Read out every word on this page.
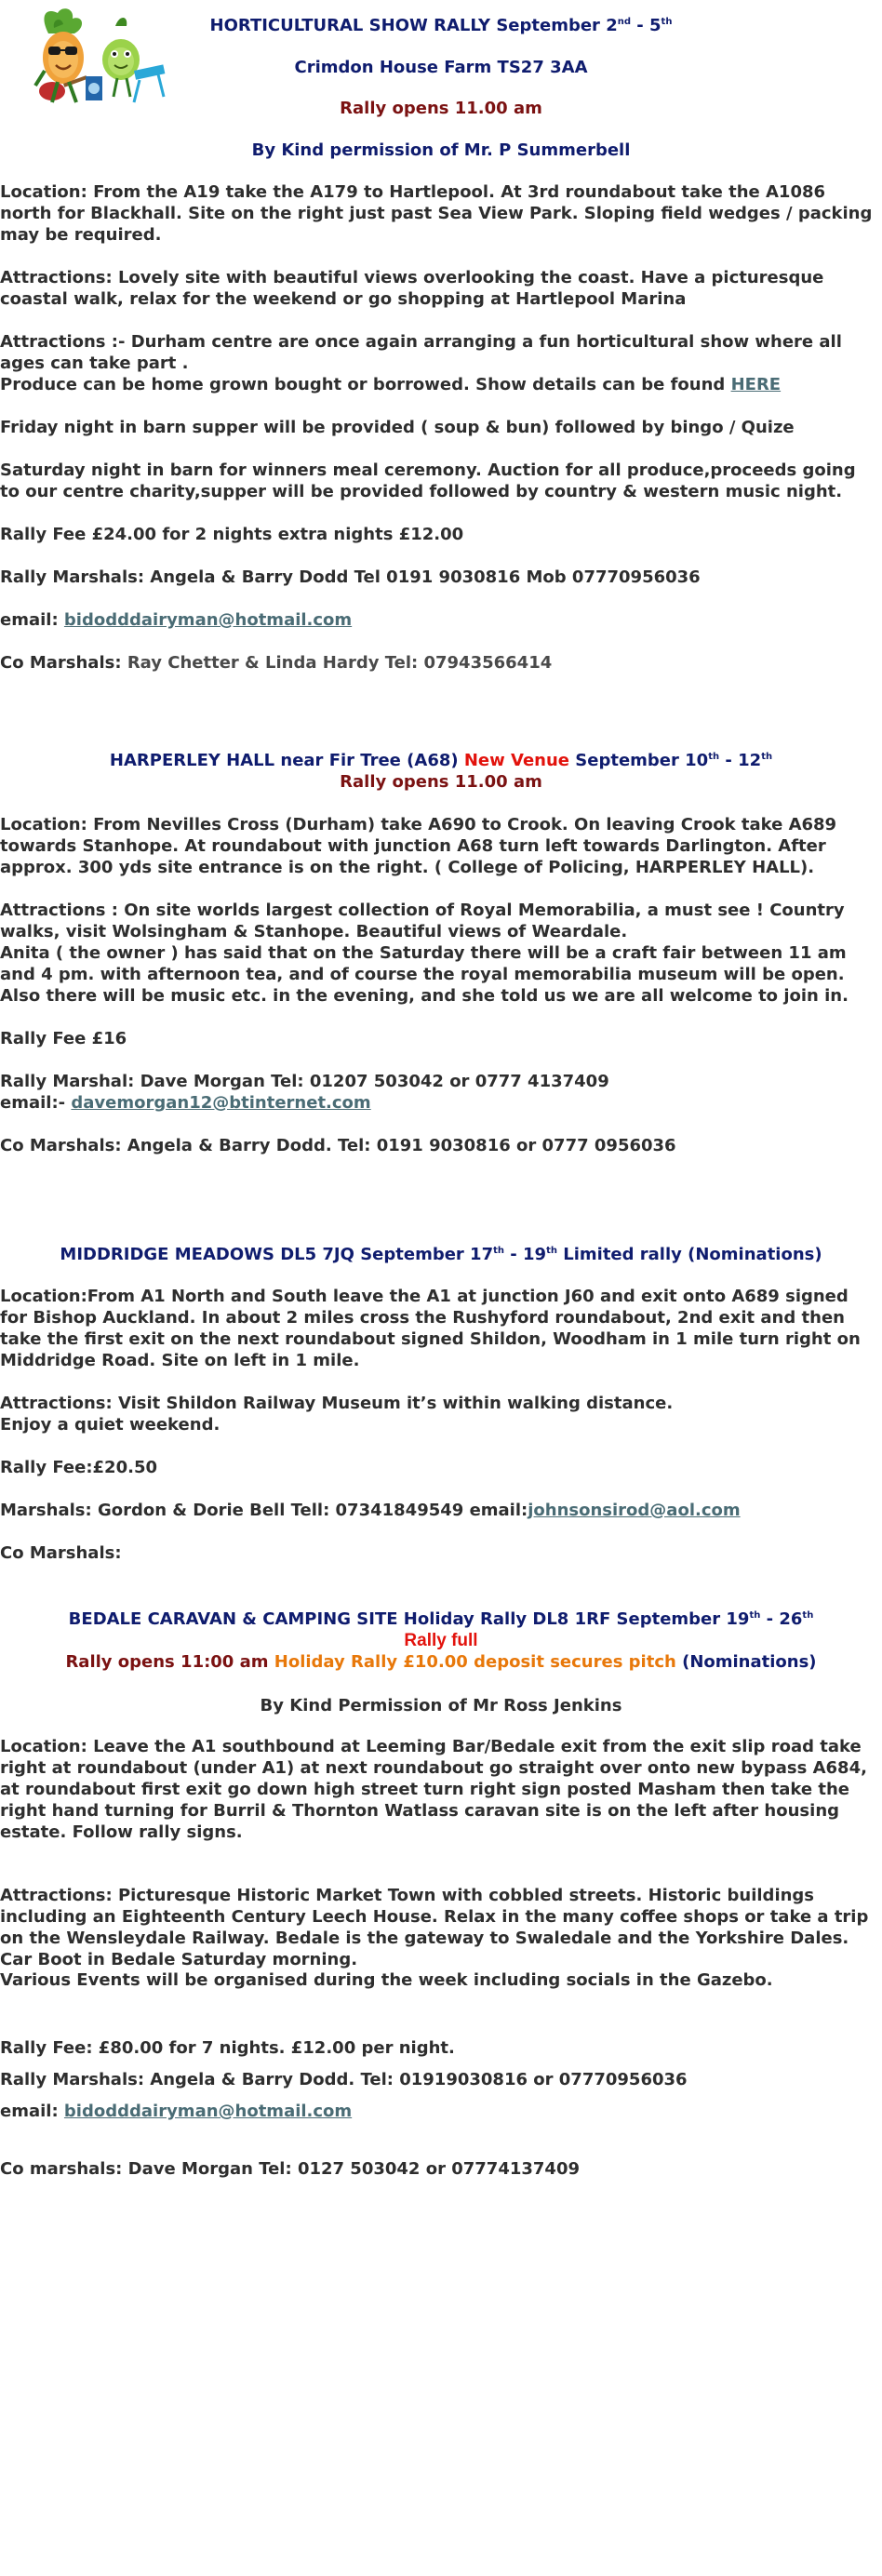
HORTICULTURAL SHOW RALLY September 2nd - 5th
Crimdon House Farm TS27 3AA
Rally opens 11.00 am
By Kind permission of Mr. P Summerbell

Location: From the A19 take the A179 to Hartlepool. At 3rd roundabout take the A1086 north for Blackhall. Site on the right just past Sea View Park. Sloping field wedges / packing may be required.

Attractions: Lovely site with beautiful views overlooking the coast. Have a picturesque coastal walk, relax for the weekend or go shopping at Hartlepool Marina

Attractions :- Durham centre are once again arranging a fun horticultural show where all ages can take part .

Produce can be home grown bought or borrowed. Show details can be found HERE

Friday night in barn supper will be provided ( soup & bun) followed by bingo / Quize

Saturday night in barn for winners meal ceremony. Auction for all produce,proceeds going to our centre charity,supper will be provided followed by country & western music night.

Rally Fee £24.00 for 2 nights extra nights £12.00

Rally Marshals: Angela & Barry Dodd Tel 0191 9030816 Mob 07770956036

email: bidodddairyman@hotmail.com

Co Marshals: Ray Chetter & Linda Hardy Tel: 07943566414

HARPERLEY HALL near Fir Tree (A68) New Venue September 10th - 12th
Rally opens 11.00 am

Location: From Nevilles Cross (Durham) take A690 to Crook. On leaving Crook take A689 towards Stanhope. At roundabout with junction A68 turn left towards Darlington. After approx. 300 yds site entrance is on the right. ( College of Policing, HARPERLEY HALL).

Attractions : On site worlds largest collection of Royal Memorabilia, a must see ! Country walks, visit Wolsingham & Stanhope. Beautiful views of Weardale.

Anita ( the owner ) has said that on the Saturday there will be a craft fair between 11 am and 4 pm. with afternoon tea, and of course the royal memorabilia museum will be open. Also there will be music etc. in the evening, and she told us we are all welcome to join in.

Rally Fee £16

Rally Marshal: Dave Morgan Tel: 01207 503042 or 0777 4137409

email:- davemorgan12@btinternet.com

Co Marshals: Angela & Barry Dodd. Tel: 0191 9030816 or 0777 0956036

MIDDRIDGE MEADOWS DL5 7JQ September 17th - 19th Limited rally (Nominations)

Location:From A1 North and South leave the A1 at junction J60 and exit onto A689 signed for Bishop Auckland. In about 2 miles cross the Rushyford roundabout, 2nd exit and then take the first exit on the next roundabout signed Shildon, Woodham in 1 mile turn right on Middridge Road. Site on left in 1 mile.

Attractions: Visit Shildon Railway Museum it’s within walking distance.

Enjoy a quiet weekend.

Rally Fee:£20.50

Marshals: Gordon & Dorie Bell Tell: 07341849549 email:johnsonsirod@aol.com

Co Marshals:

BEDALE CARAVAN & CAMPING SITE Holiday Rally DL8 1RF September 19th - 26th
Rally full
Rally opens 11:00 am Holiday Rally £10.00 deposit secures pitch (Nominations)
By Kind Permission of Mr Ross Jenkins

Location: Leave the A1 southbound at Leeming Bar/Bedale exit from the exit slip road take right at roundabout (under A1) at next roundabout go straight over onto new bypass A684, at roundabout first exit go down high street turn right sign posted Masham then take the right hand turning for Burril & Thornton Watlass caravan site is on the left after housing estate. Follow rally signs.

Attractions: Picturesque Historic Market Town with cobbled streets. Historic buildings including an Eighteenth Century Leech House. Relax in the many coffee shops or take a trip on the Wensleydale Railway. Bedale is the gateway to Swaledale and the Yorkshire Dales. Car Boot in Bedale Saturday morning.

Various Events will be organised during the week including socials in the Gazebo.

Rally Fee: £80.00 for 7 nights. £12.00 per night.

Rally Marshals: Angela & Barry Dodd. Tel: 01919030816 or 07770956036

email: bidodddairyman@hotmail.com

Co marshals: Dave Morgan Tel: 0127 503042 or 07774137409
